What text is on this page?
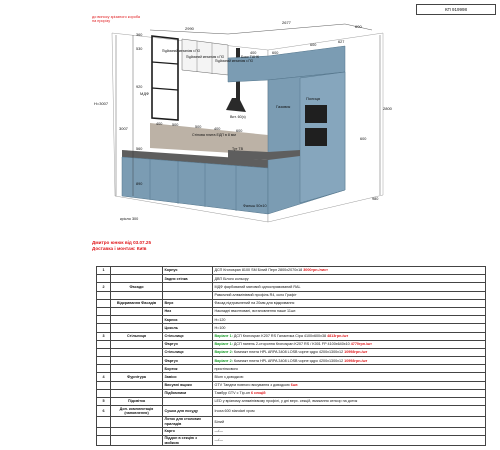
2990
2677
600
Н=3007
3007
2800
400	500	500	400	600
600
627
600
400
530
920
890
360
560
600
980
МДФ
Газовик
Полиця
Вит. 60(з)
Бокс ТАНК
Стінова плита ЕДП в 8 мм
крісло 300
Фальш 50х10
Підйомний механізм з ПО
Підйомний механізм з ПО
Підйомний механізм з ПО
Тут ТВ
КП 919998
до виносу зрізаного короба на прорізу
Дмитро юнюк від 03.07.25
Доставка і монтаж: Київ
1		Корпус	ДСП Кronospan 8100 SM Білий Перл 2800х2070х18 3000грн./лист
		Задня стінка	ДВП Білого кольору
2	Фасади		МДФ фарбований матовий односпрямований RAL
			Рамочний алюмінієвий профіль R4, скло Графіт
	Відкривання Фасадів	Верх	Фасад підтрамлений на 20мм для відкривання
		Низ	Накладні вмонтовані, встановлення наше 11шт.
		Карниз	Н=120
		Цоколь	Н=100
3	Стільниця	Стільниця	Варіант 1: ДСП Кronospan K207 RS Галактика Сіра 4100х600х38 4813грн./шт
		Фартух	Варіант 1: ДСП панель 2-стороння Кronospan K207 RS / K001 FP 4100х640х10 4770грн./шт
		Стільниця	Варіант 2: Компакт плита HPL ARPA 3408 LOSB чорне ядро 4200х1300х12 10998грн./шт
		Фартух	Варіант 2: Компакт плита HPL ARPA 3408 LOSB чорне ядро 4200х1300х12 10998грн./шт
		Бортик	пристінкового
4	Фурнітура	Завіси	Blum з доводкою
		Висувні ящики	GTV Тандем повного висування з доводкою 6шт.
		Підйомники	Тамбур GTV с Тір-он 6 секцій
5	Підсвітка		LED у врізному алюмінієвому профілі, у дні верх. секцій, вмикання сенсор на дотик
6	Доп. комплектація (наповнення)	Сушка для посуду	Inoxa 600 standart хром
		Лоток для столових приладів	Білий
		Карго	—/—
		Піддон в секцію з мийкою	—/—
